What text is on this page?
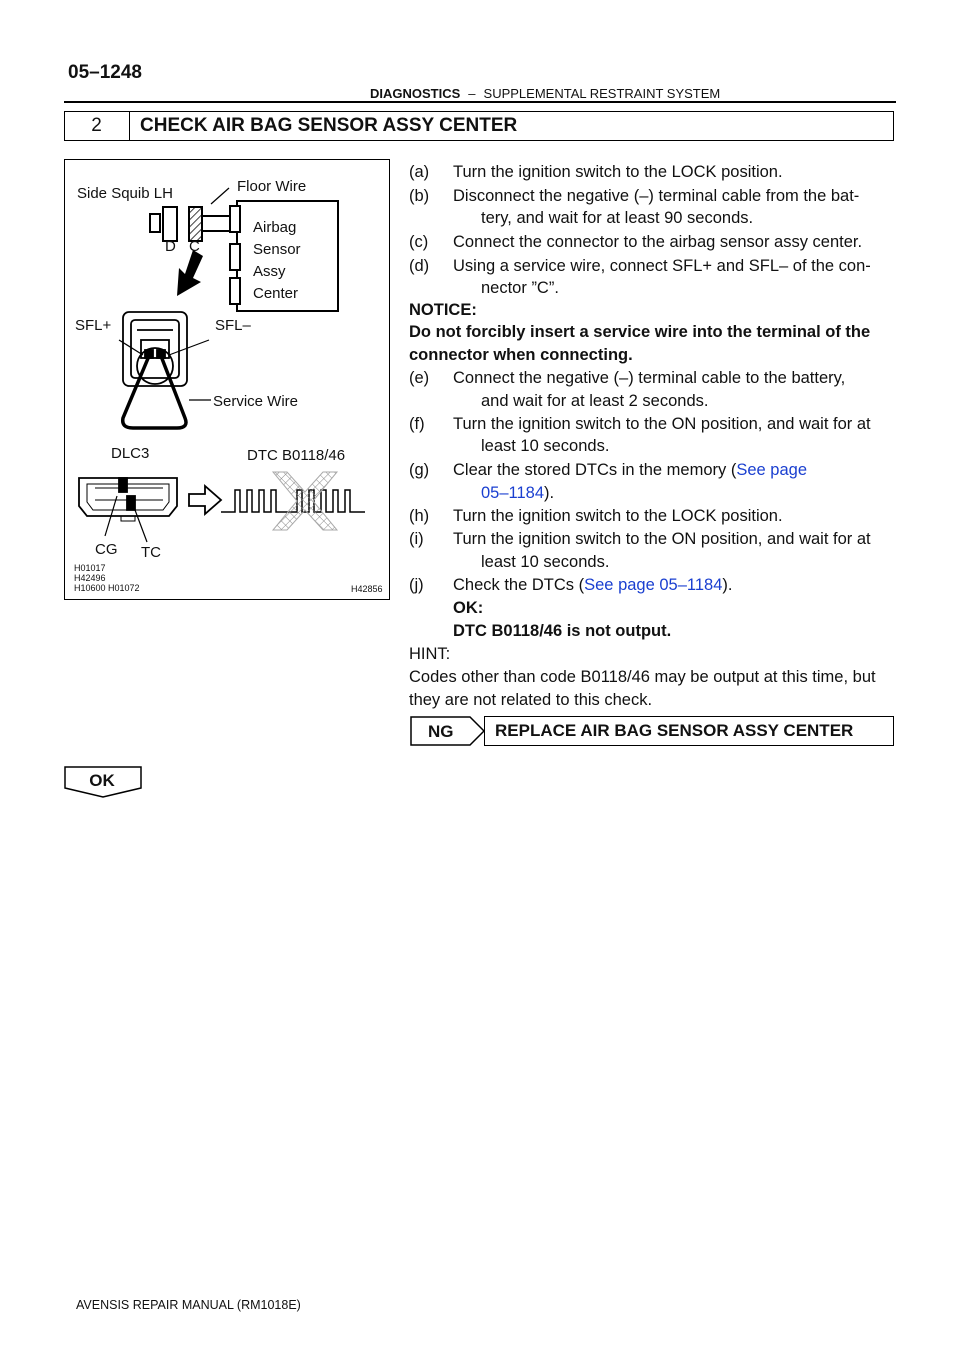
05–1248
DIAGNOSTICS – SUPPLEMENTAL RESTRAINT SYSTEM
2	CHECK AIR BAG SENSOR ASSY CENTER
Side Squib LH	Floor Wire
Airbag
Sensor
Assy
Center
D C
SFL+	SFL–
Service Wire
DLC3	DTC B0118/46
CG TC
H01017
H42496
H10600 H01072	H42856
(a) Turn the ignition switch to the LOCK position.
(b) Disconnect the negative (–) terminal cable from the bat-
tery, and wait for at least 90 seconds.
(c) Connect the connector to the airbag sensor assy center.
(d) Using a service wire, connect SFL+ and SFL– of the con-
nector ”C”.
NOTICE:
Do not forcibly insert a service wire into the terminal of the
connector when connecting.
(e) Connect the negative (–) terminal cable to the battery,
and wait for at least 2 seconds.
(f) Turn the ignition switch to the ON position, and wait for at
least 10 seconds.
(g) Clear the stored DTCs in the memory (See page
05–1184).
(h) Turn the ignition switch to the LOCK position.
(i) Turn the ignition switch to the ON position, and wait for at
least 10 seconds.
(j) Check the DTCs (See page 05–1184).
OK:
DTC B0118/46 is not output.
HINT:
Codes other than code B0118/46 may be output at this time, but
they are not related to this check.
NG	REPLACE AIR BAG SENSOR ASSY CENTER
OK
AVENSIS REPAIR MANUAL (RM1018E)
